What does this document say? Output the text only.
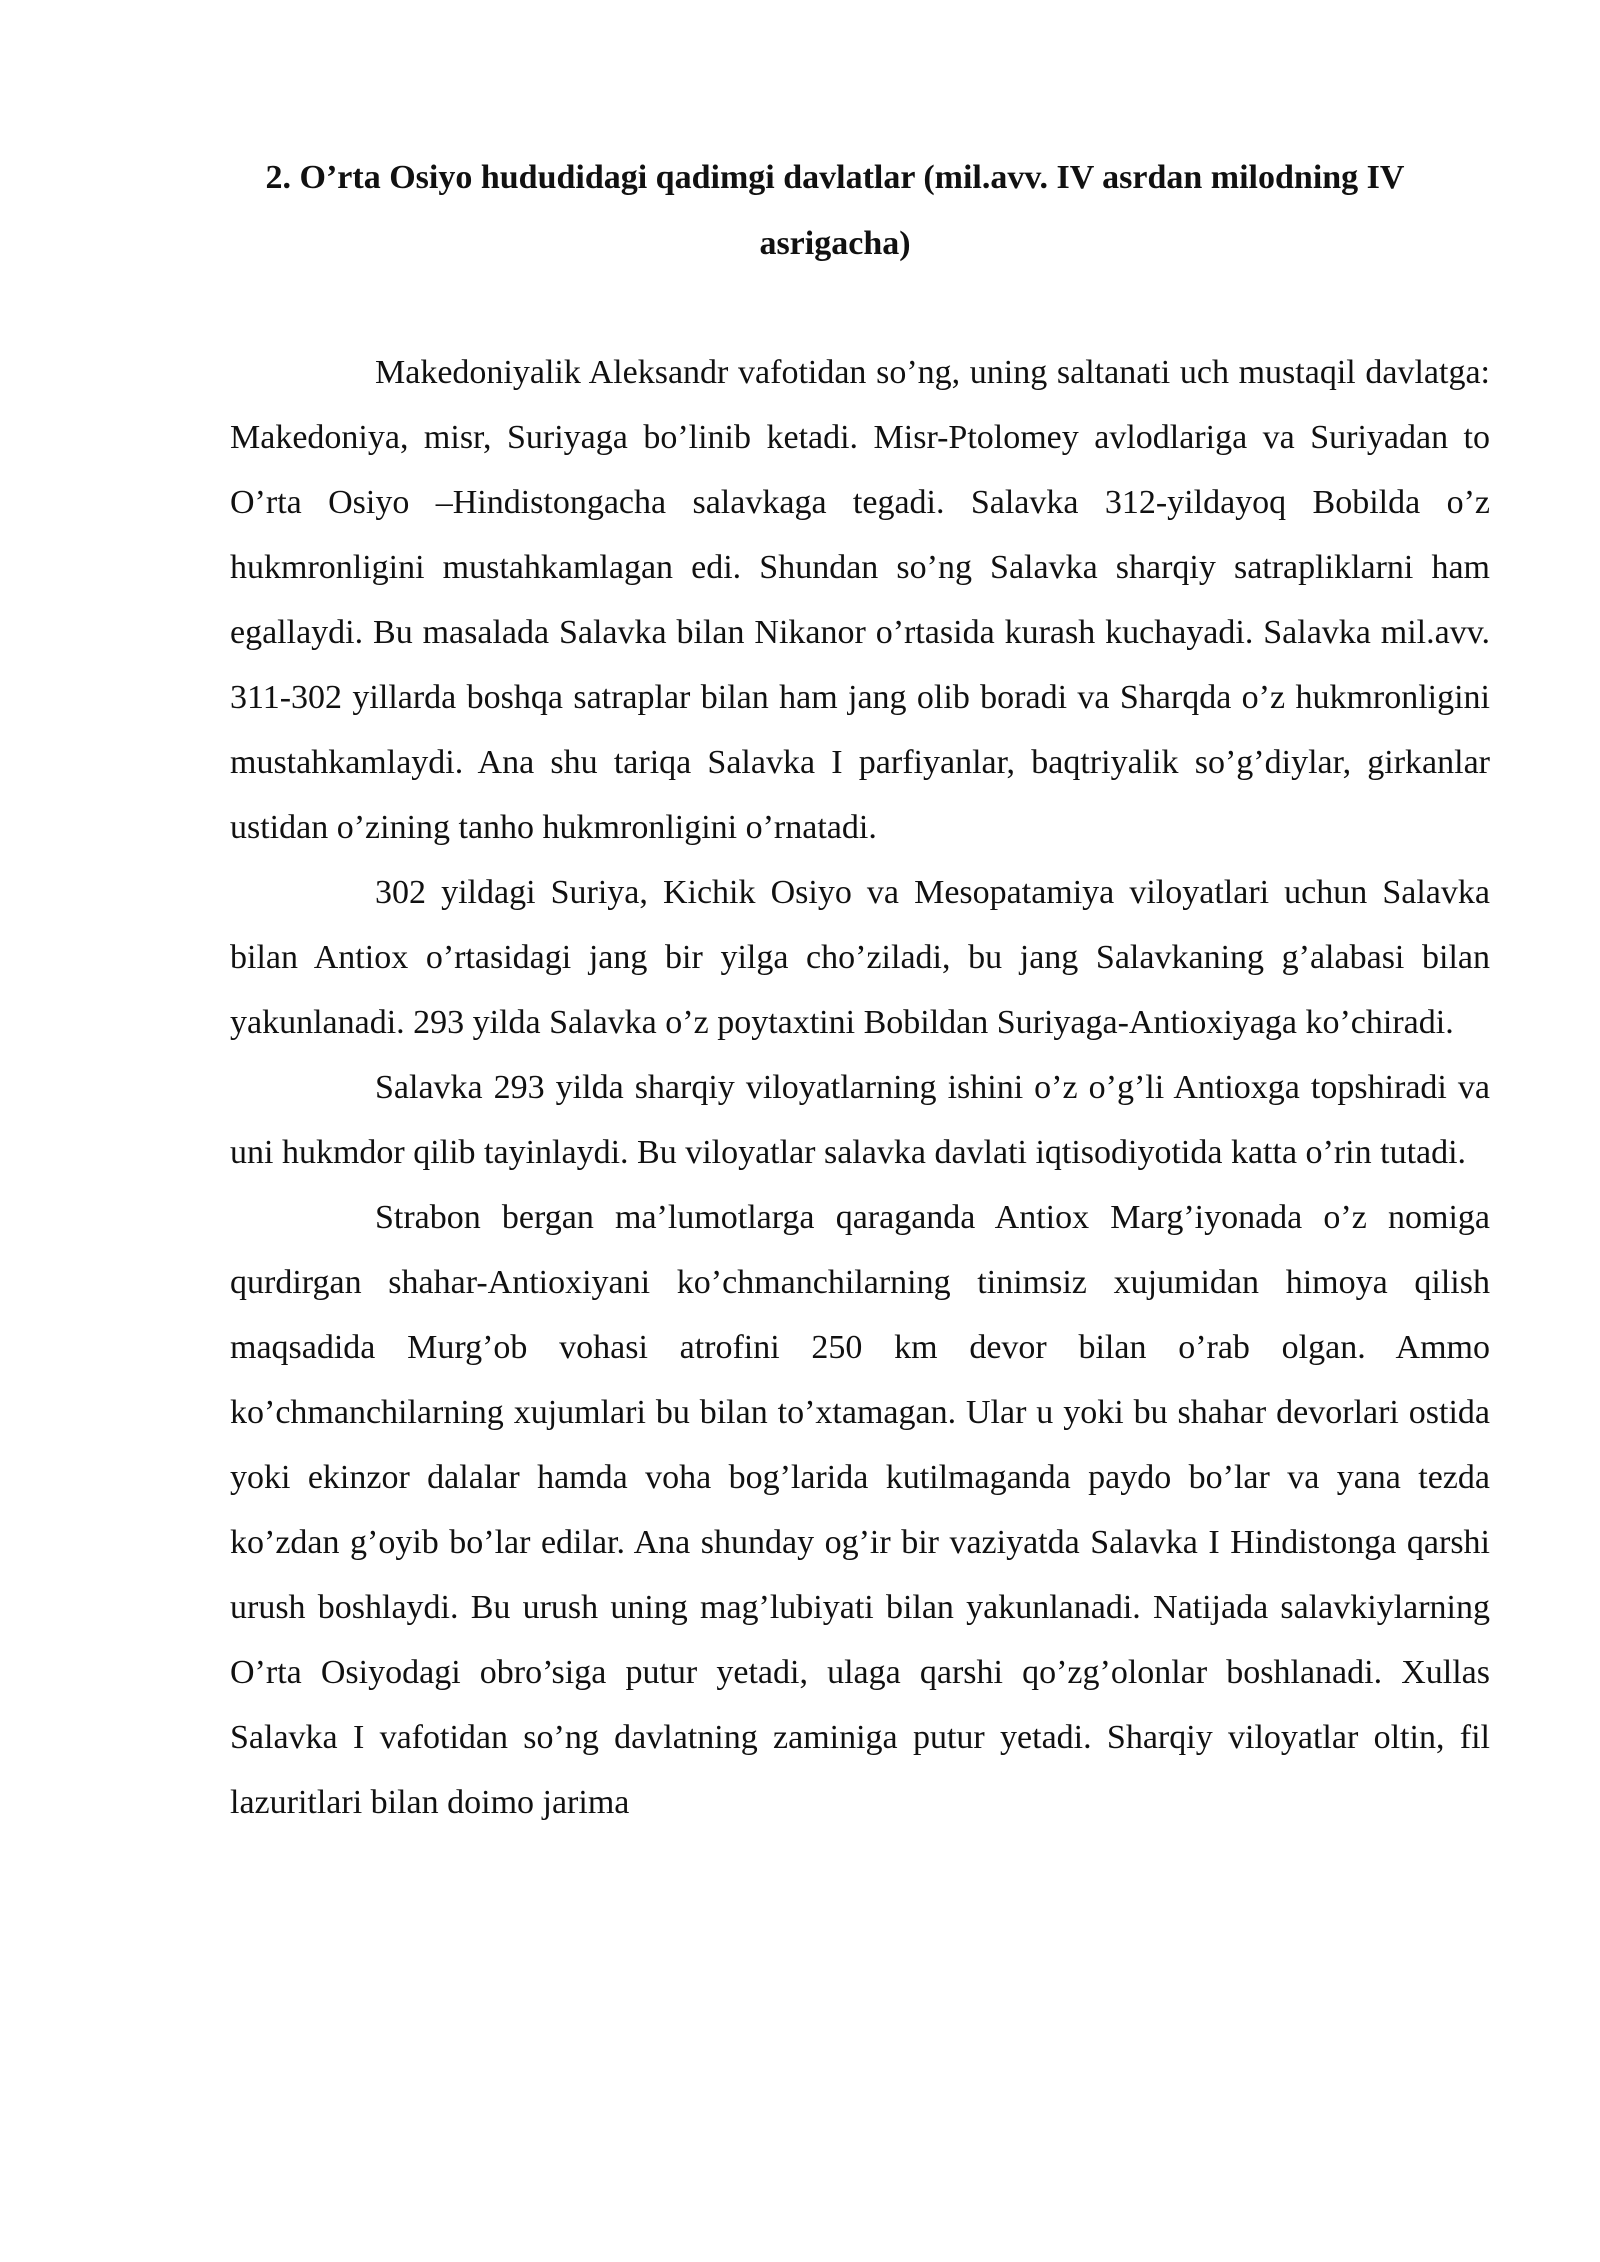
2. O’rta Osiyo hududidagi qadimgi davlatlar (mil.avv. IV asrdan milodning IV asrigacha)

Makedoniyalik Aleksandr vafotidan so’ng, uning saltanati uch mustaqil davlatga: Makedoniya, misr, Suriyaga bo’linib ketadi. Misr-Ptolomey avlodlariga va Suriyadan to O’rta Osiyo –Hindistongacha salavkaga tegadi. Salavka 312-yildayoq Bobilda o’z hukmronligini mustahkamlagan edi. Shundan so’ng Salavka sharqiy satrapliklarni ham egallaydi. Bu masalada Salavka bilan Nikanor o’rtasida kurash kuchayadi. Salavka mil.avv. 311-302 yillarda boshqa satraplar bilan ham jang olib boradi va Sharqda o’z hukmronligini mustahkamlaydi. Ana shu tariqa Salavka I parfiyanlar, baqtriyalik so’g’diylar, girkanlar ustidan o’zining tanho hukmronligini o’rnatadi.

302 yildagi Suriya, Kichik Osiyo va Mesopatamiya viloyatlari uchun Salavka bilan Antiox o’rtasidagi jang bir yilga cho’ziladi, bu jang Salavkaning g’alabasi bilan yakunlanadi. 293 yilda Salavka o’z poytaxtini Bobildan Suriyaga-Antioxiyaga ko’chiradi.

Salavka 293 yilda sharqiy viloyatlarning ishini o’z o’g’li Antioxga topshiradi va uni hukmdor qilib tayinlaydi. Bu viloyatlar salavka davlati iqtisodiyotida katta o’rin tutadi.

Strabon bergan ma’lumotlarga qaraganda Antiox Marg’iyonada o’z nomiga qurdirgan shahar-Antioxiyani ko’chmanchilarning tinimsiz xujumidan himoya qilish maqsadida Murg’ob vohasi atrofini 250 km devor bilan o’rab olgan. Ammo ko’chmanchilarning xujumlari bu bilan to’xtamagan. Ular u yoki bu shahar devorlari ostida yoki ekinzor dalalar hamda voha bog’larida kutilmaganda paydo bo’lar va yana tezda ko’zdan g’oyib bo’lar edilar. Ana shunday og’ir bir vaziyatda Salavka I Hindistonga qarshi urush boshlaydi. Bu urush uning mag’lubiyati bilan yakunlanadi. Natijada salavkiylarning O’rta Osiyodagi obro’siga putur yetadi, ulaga qarshi qo’zg’olonlar boshlanadi. Xullas Salavka I vafotidan so’ng davlatning zaminiga putur yetadi. Sharqiy viloyatlar oltin, fil lazuritlari bilan doimo jarima
